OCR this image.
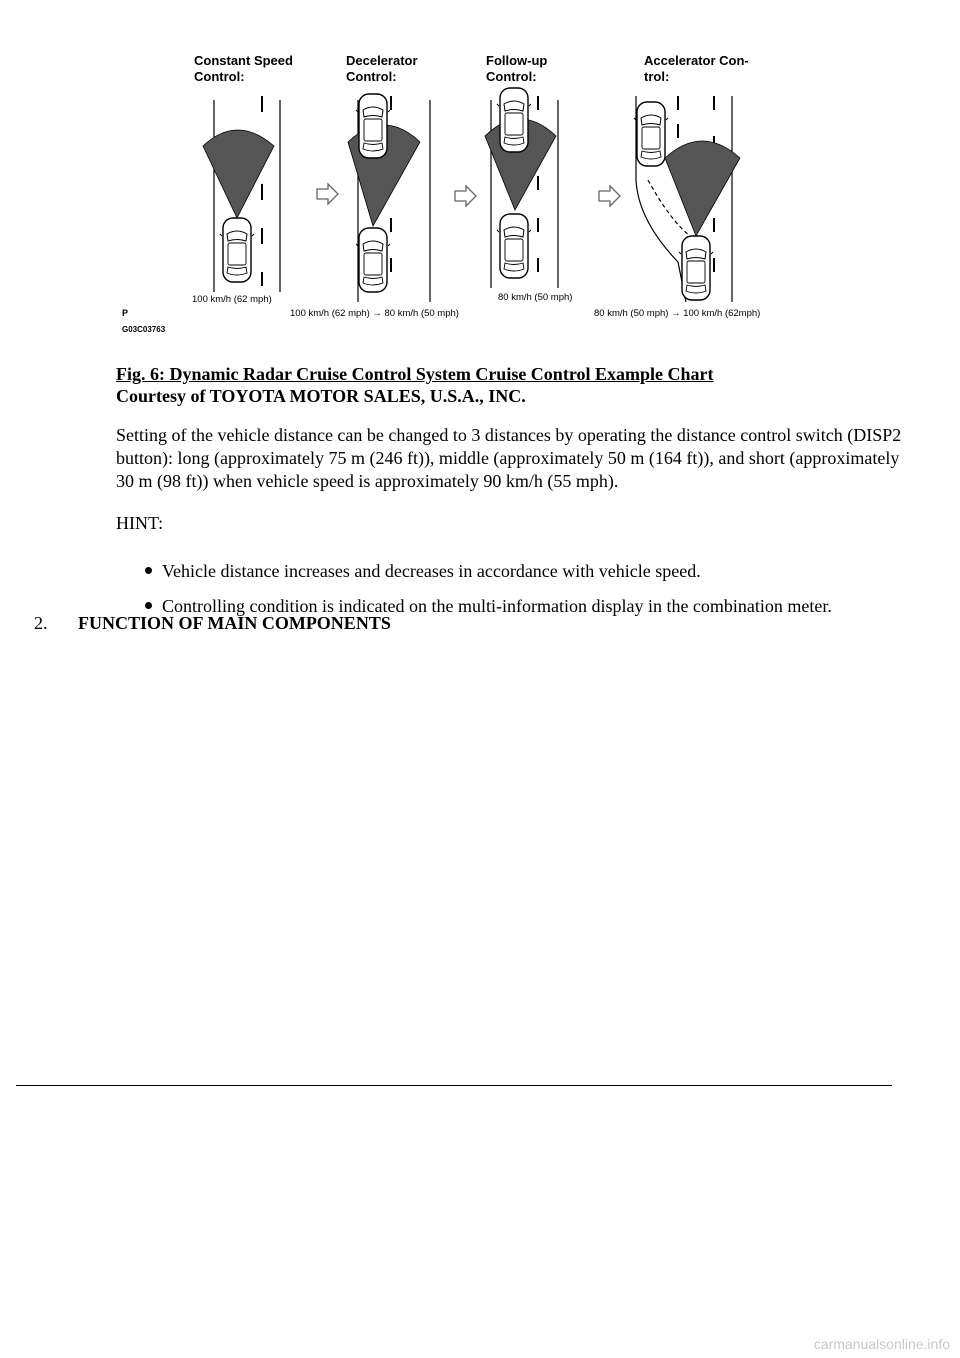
Constant Speed
Control:
100 km/h (62 mph)
Decelerator
Control:
100 km/h (62 mph) → 80 km/h (50 mph)
Follow-up
Control:
80 km/h (50 mph)
Accelerator Con-
trol:
80 km/h (50 mph) → 100 km/h (62mph)
P
G03C03763
Fig. 6: Dynamic Radar Cruise Control System Cruise Control Example Chart
Courtesy of TOYOTA MOTOR SALES, U.S.A., INC.

Setting of the vehicle distance can be changed to 3 distances by operating the distance control switch (DISP2 button): long (approximately 75 m (246 ft)), middle (approximately 50 m (164 ft)), and short (approximately 30 m (98 ft)) when vehicle speed is approximately 90 km/h (55 mph).

HINT:
Vehicle distance increases and decreases in accordance with vehicle speed.
Controlling condition is indicated on the multi-information display in the combination meter.
2. FUNCTION OF MAIN COMPONENTS
carmanualsonline.info
